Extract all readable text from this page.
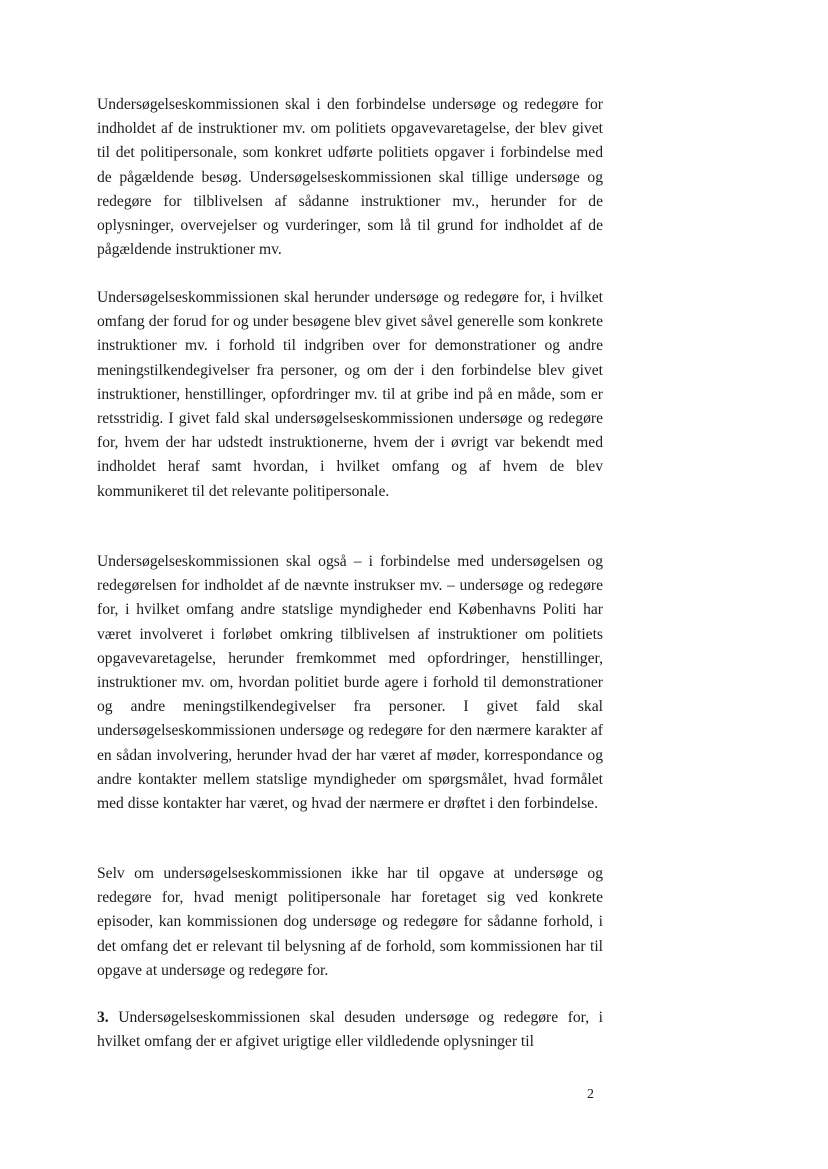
Undersøgelseskommissionen skal i den forbindelse undersøge og redegøre for indholdet af de instruktioner mv. om politiets opgavevaretagelse, der blev givet til det politipersonale, som konkret udførte politiets opgaver i forbindelse med de pågældende besøg. Undersøgelseskommissionen skal tillige undersøge og redegøre for tilblivelsen af sådanne instruktioner mv., herunder for de oplysninger, overvejelser og vurderinger, som lå til grund for indholdet af de pågældende instruktioner mv.

Undersøgelseskommissionen skal herunder undersøge og redegøre for, i hvilket omfang der forud for og under besøgene blev givet såvel generelle som konkrete instruktioner mv. i forhold til indgriben over for demonstrationer og andre meningstilkendegivelser fra personer, og om der i den forbindelse blev givet instruktioner, henstillinger, opfordringer mv. til at gribe ind på en måde, som er retsstridig. I givet fald skal undersøgelseskommissionen undersøge og redegøre for, hvem der har udstedt instruktionerne, hvem der i øvrigt var bekendt med indholdet heraf samt hvordan, i hvilket omfang og af hvem de blev kommunikeret til det relevante politipersonale.

Undersøgelseskommissionen skal også – i forbindelse med undersøgelsen og redegørelsen for indholdet af de nævnte instrukser mv. – undersøge og redegøre for, i hvilket omfang andre statslige myndigheder end Københavns Politi har været involveret i forløbet omkring tilblivelsen af instruktioner om politiets opgavevaretagelse, herunder fremkommet med opfordringer, henstillinger, instruktioner mv. om, hvordan politiet burde agere i forhold til demonstrationer og andre meningstilkendegivelser fra personer. I givet fald skal undersøgelseskommissionen undersøge og redegøre for den nærmere karakter af en sådan involvering, herunder hvad der har været af møder, korrespondance og andre kontakter mellem statslige myndigheder om spørgsmålet, hvad formålet med disse kontakter har været, og hvad der nærmere er drøftet i den forbindelse.

Selv om undersøgelseskommissionen ikke har til opgave at undersøge og redegøre for, hvad menigt politipersonale har foretaget sig ved konkrete episoder, kan kommissionen dog undersøge og redegøre for sådanne forhold, i det omfang det er relevant til belysning af de forhold, som kommissionen har til opgave at undersøge og redegøre for.

3. Undersøgelseskommissionen skal desuden undersøge og redegøre for, i hvilket omfang der er afgivet urigtige eller vildledende oplysninger til

2
